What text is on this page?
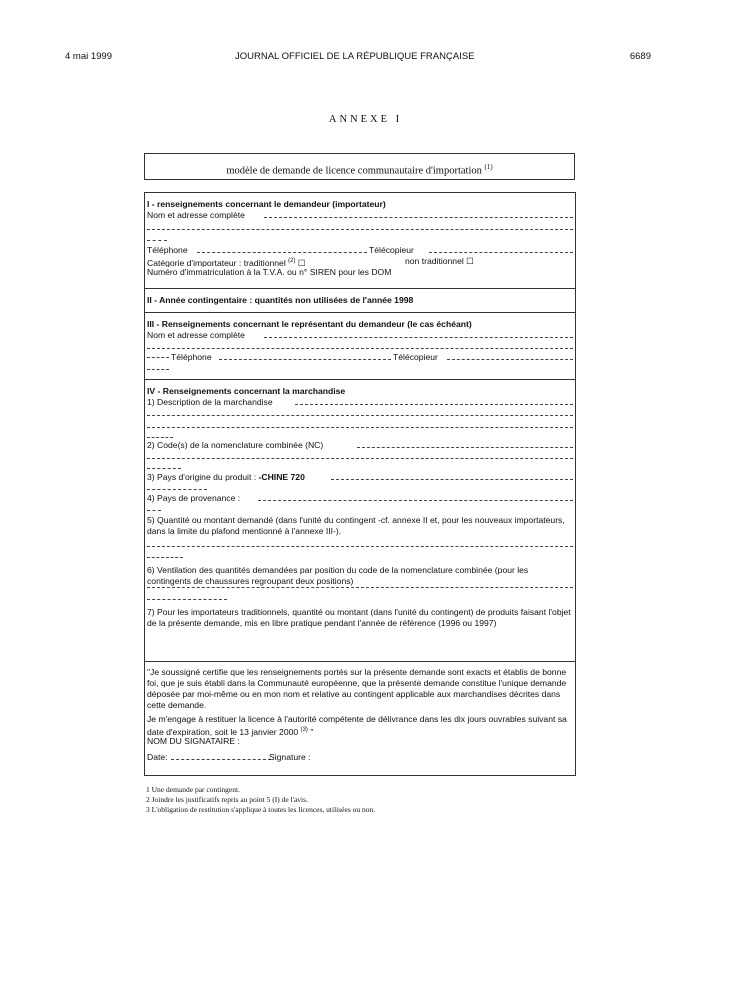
4 mai 1999	JOURNAL OFFICIEL DE LA RÉPUBLIQUE FRANÇAISE	6689
ANNEXE I
modèle de demande de licence communautaire d'importation $^{(1)}$
I - renseignements concernant le demandeur (importateur)
Nom et adresse complète
Téléphone	Télécopieur
Catégorie d'importateur : traditionnel $^{(2)}$ ☐	non traditionnel ☐
Numéro d'immatriculation à la T.V.A. ou n° SIREN pour les DOM
II - Année contingentaire : quantités non utilisées de l'année 1998
III - Renseignements concernant le représentant du demandeur (le cas échéant)
Nom et adresse complète
Téléphone	Télécopieur
IV - Renseignements concernant la marchandise
1) Description de la marchandise
2) Code(s) de la nomenclature combinée (NC)
3) Pays d'origine du produit : -CHINE 720
4) Pays de provenance :
5) Quantité ou montant demandé (dans l'unité du contingent -cf. annexe II et, pour les nouveaux importateurs, dans la limite du plafond mentionné à l'annexe III-).
6) Ventilation des quantités demandées par position du code de la nomenclature combinée (pour les contingents de chaussures regroupant deux positions)
7) Pour les importateurs traditionnels, quantité ou montant (dans l'unité du contingent) de produits faisant l'objet de la présente demande, mis en libre pratique pendant l'année de référence (1996 ou 1997)
"Je soussigné certifie que les renseignements portés sur la présente demande sont exacts et établis de bonne foi, que je suis établi dans la Communauté européenne, que la présente demande constitue l'unique demande déposée par moi-même ou en mon nom et relative au contingent applicable aux marchandises décrites dans cette demande.
Je m'engage à restituer la licence à l'autorité compétente de délivrance dans les dix jours ouvrables suivant sa date d'expiration, soit le 13 janvier 2000 $^{(3)}$ "
NOM DU SIGNATAIRE :
Date:	Signature :
1 Une demande par contingent.
2 Joindre les justificatifs repris au point 5 (I) de l'avis.
3 L'obligation de restitution s'applique à toutes les licences, utilisées ou non.
